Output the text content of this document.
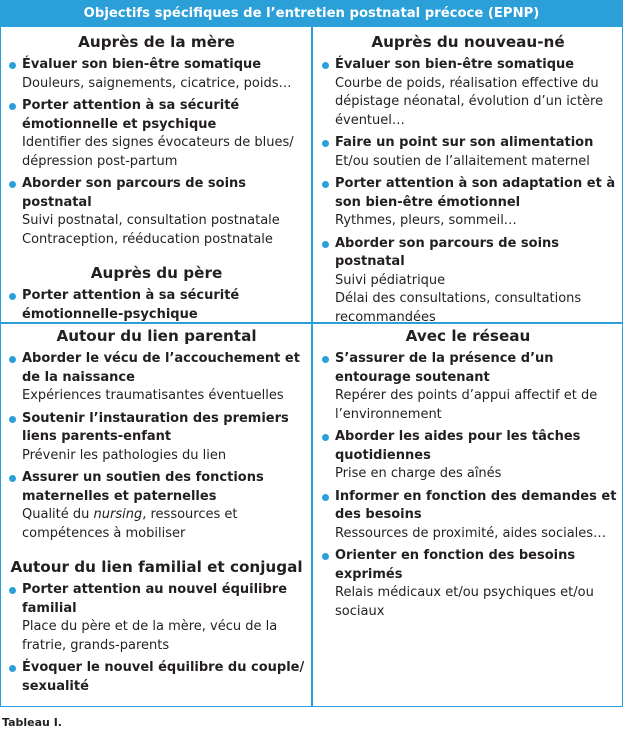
Objectifs spécifiques de l’entretien postnatal précoce (EPNP)
Auprès de la mère
Évaluer son bien-être somatique
Douleurs, saignements, cicatrice, poids…
Porter attention à sa sécurité émotionnelle et psychique
Identifier des signes évocateurs de blues/ dépression post-partum
Aborder son parcours de soins postnatal
Suivi postnatal, consultation postnatale
Contraception, rééducation postnatale
Auprès du père
Porter attention à sa sécurité émotionnelle-psychique
Auprès du nouveau-né
Évaluer son bien-être somatique
Courbe de poids, réalisation effective du dépistage néonatal, évolution d’un ictère éventuel…
Faire un point sur son alimentation
Et/ou soutien de l’allaitement maternel
Porter attention à son adaptation et à son bien-être émotionnel
Rythmes, pleurs, sommeil…
Aborder son parcours de soins postnatal
Suivi pédiatrique
Délai des consultations, consultations recommandées
Autour du lien parental
Aborder le vécu de l’accouchement et de la naissance
Expériences traumatisantes éventuelles
Soutenir l’instauration des premiers liens parents-enfant
Prévenir les pathologies du lien
Assurer un soutien des fonctions maternelles et paternelles
Qualité du nursing, ressources et compétences à mobiliser
Autour du lien familial et conjugal
Porter attention au nouvel équilibre familial
Place du père et de la mère, vécu de la fratrie, grands-parents
Évoquer le nouvel équilibre du couple/ sexualité
Avec le réseau
S’assurer de la présence d’un entourage soutenant
Repérer des points d’appui affectif et de l’environnement
Aborder les aides pour les tâches quotidiennes
Prise en charge des aînés
Informer en fonction des demandes et des besoins
Ressources de proximité, aides sociales…
Orienter en fonction des besoins exprimés
Relais médicaux et/ou psychiques et/ou sociaux
Tableau I.
